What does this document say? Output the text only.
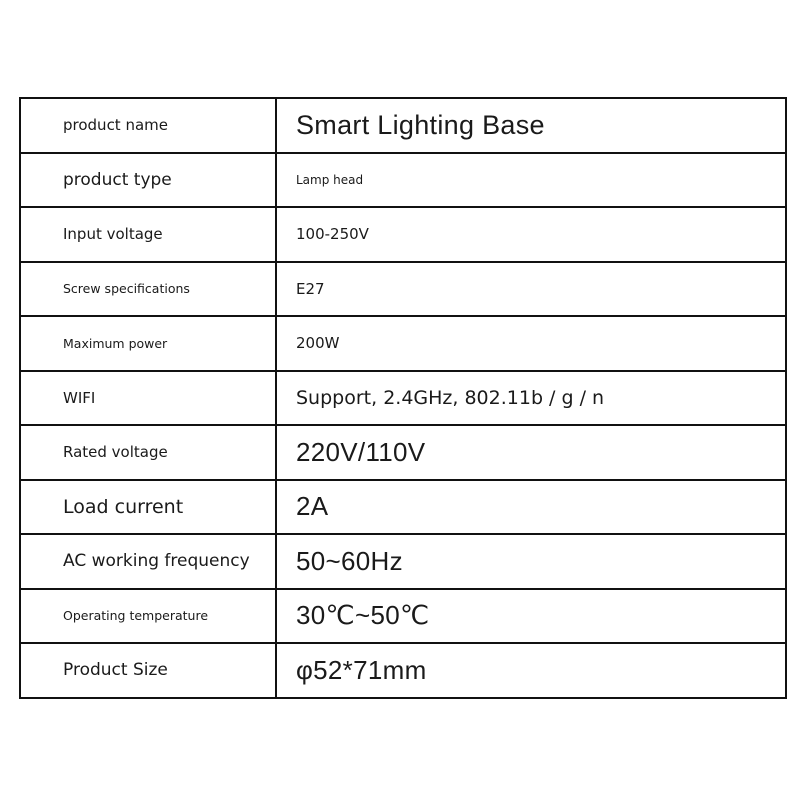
product name	Smart Lighting Base
product type	Lamp head
Input voltage	100-250V
Screw specifications	E27
Maximum power	200W
WIFI	Support, 2.4GHz, 802.11b / g / n
Rated voltage	220V/110V
Load current	2A
AC working frequency	50~60Hz
Operating temperature	30℃~50℃
Product Size	φ52*71mm
